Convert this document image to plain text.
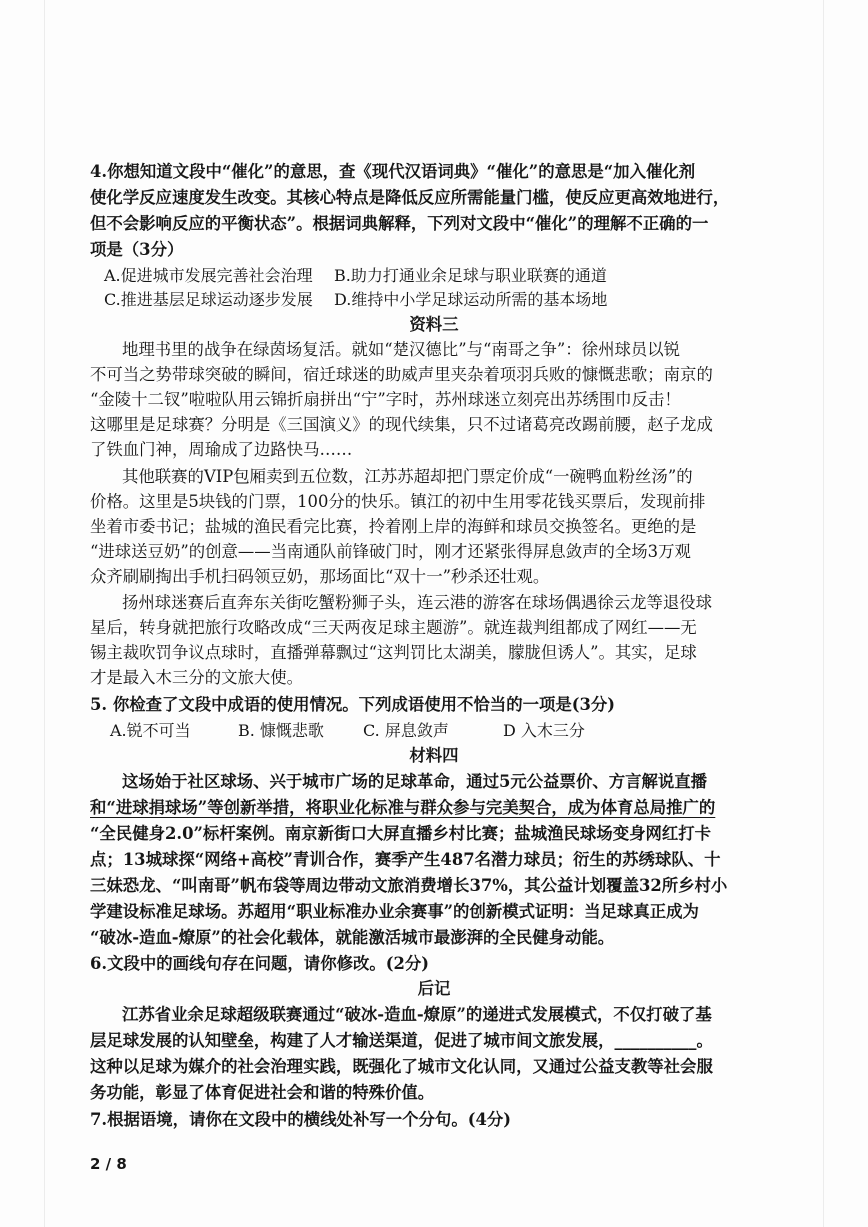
4.你想知道文段中“催化”的意思，查《现代汉语词典》“催化”的意思是“加入催化剂
使化学反应速度发生改变。其核心特点是降低反应所需能量门槛，使反应更高效地进行，
但不会影响反应的平衡状态”。根据词典解释，下列对文段中“催化”的理解不正确的一
项是（3分）
A.促进城市发展完善社会治理 B.助力打通业余足球与职业联赛的通道
C.推进基层足球运动逐步发展 D.维持中小学足球运动所需的基本场地
资料三
地理书里的战争在绿茵场复活。就如“楚汉德比”与“南哥之争”：徐州球员以锐
不可当之势带球突破的瞬间，宿迁球迷的助威声里夹杂着项羽兵败的慷慨悲歌；南京的
“金陵十二钗”啦啦队用云锦折扇拼出“宁”字时，苏州球迷立刻亮出苏绣围巾反击！
这哪里是足球赛？分明是《三国演义》的现代续集，只不过诸葛亮改踢前腰，赵子龙成
了铁血门神，周瑜成了边路快马……
其他联赛的VIP包厢卖到五位数，江苏苏超却把门票定价成“一碗鸭血粉丝汤”的
价格。这里是5块钱的门票，100分的快乐。镇江的初中生用零花钱买票后，发现前排
坐着市委书记；盐城的渔民看完比赛，拎着刚上岸的海鲜和球员交换签名。更绝的是
“进球送豆奶”的创意——当南通队前锋破门时，刚才还紧张得屏息敛声的全场3万观
众齐刷刷掏出手机扫码领豆奶，那场面比“双十一”秒杀还壮观。
扬州球迷赛后直奔东关街吃蟹粉狮子头，连云港的游客在球场偶遇徐云龙等退役球
星后，转身就把旅行攻略改成“三天两夜足球主题游”。就连裁判组都成了网红——无
锡主裁吹罚争议点球时，直播弹幕飘过“这判罚比太湖美，朦胧但诱人”。其实，足球
才是最入木三分的文旅大使。
5. 你检查了文段中成语的使用情况。下列成语使用不恰当的一项是(3分)
A.锐不可当	B. 慷慨悲歌 C. 屏息敛声	D 入木三分
材料四
这场始于社区球场、兴于城市广场的足球革命，通过5元公益票价、方言解说直播
和“进球捐球场”等创新举措，将职业化标准与群众参与完美契合，成为体育总局推广的
“全民健身2.0”标杆案例。南京新街口大屏直播乡村比赛；盐城渔民球场变身网红打卡
点；13城球探“网络+高校”青训合作，赛季产生487名潜力球员；衍生的苏绣球队、十
三妹恐龙、“叫南哥”帆布袋等周边带动文旅消费增长37%，其公益计划覆盖32所乡村小
学建设标准足球场。苏超用“职业标准办业余赛事”的创新模式证明：当足球真正成为
“破冰-造血-燎原”的社会化载体，就能激活城市最澎湃的全民健身动能。
6.文段中的画线句存在问题，请你修改。(2分)
后记
江苏省业余足球超级联赛通过“破冰-造血-燎原”的递进式发展模式，不仅打破了基
层足球发展的认知壁垒，构建了人才输送渠道，促进了城市间文旅发展，__________。
这种以足球为媒介的社会治理实践，既强化了城市文化认同，又通过公益支教等社会服
务功能，彰显了体育促进社会和谐的特殊价值。
7.根据语境，请你在文段中的横线处补写一个分句。(4分)
2 / 8
